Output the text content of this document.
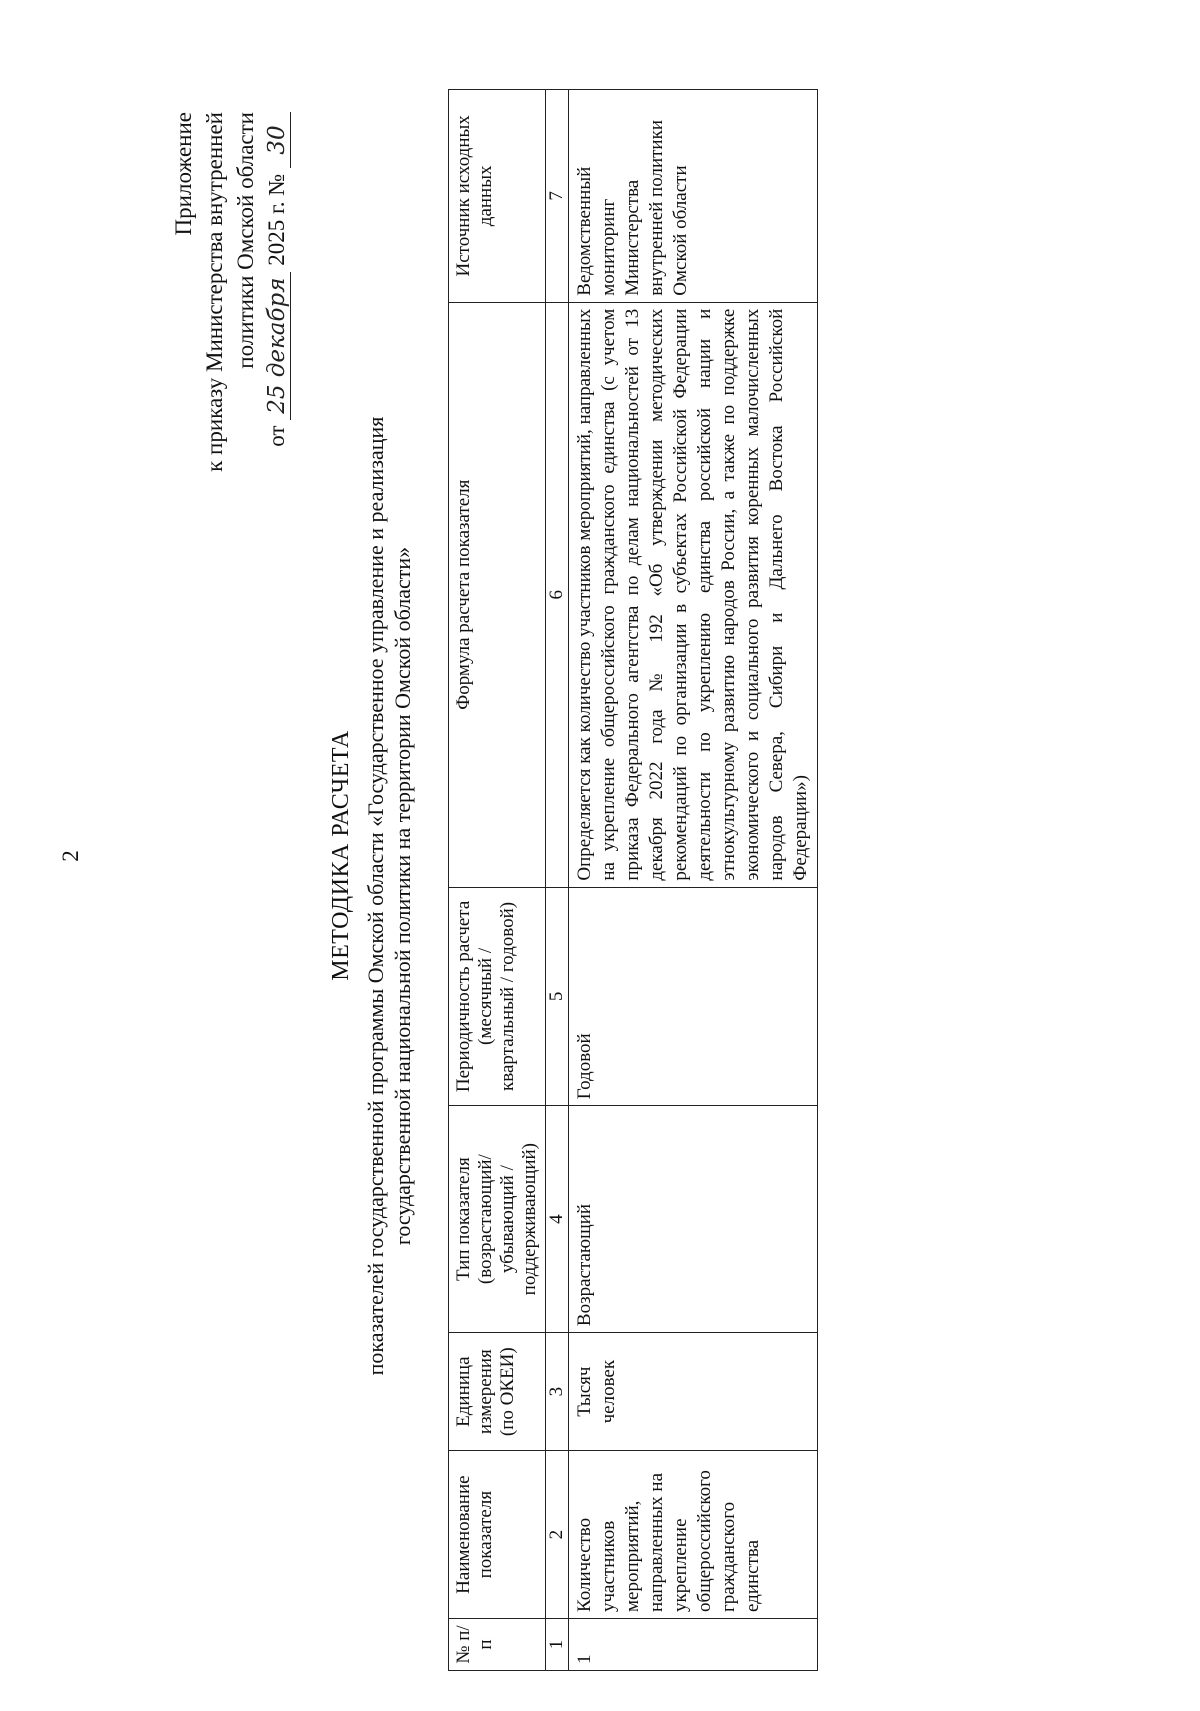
2
Приложение к приказу Министерства внутренней политики Омской области
от 25 декабря 2025 г. № 30
МЕТОДИКА РАСЧЕТА показателей государственной программы Омской области «Государственное управление и реализация государственной национальной политики на территории Омской области»
№ п/п	Наименование показателя	Единица измерения (по ОКЕИ)	Тип показателя (возрастающий/ убывающий / поддерживающий)	Периодичность расчета (месячный / квартальный / годовой)	Формула расчета показателя	Источник исходных данных
1	2	3	4	5	6	7
1	Количество участников мероприятий, направленных на укрепление общероссийского гражданского единства	Тысяч человек	Возрастающий	Годовой	Определяется как количество участников мероприятий, направленных на укрепление общероссийского гражданского единства (с учетом приказа Федерального агентства по делам национальностей от 13 декабря 2022 года № 192 «Об утверждении методических рекомендаций по организации в субъектах Российской Федерации деятельности по укреплению единства российской нации и этнокультурному развитию народов России, а также по поддержке экономического и социального развития коренных малочисленных народов Севера, Сибири и Дальнего Востока Российской Федерации»)	Ведомственный мониторинг Министерства внутренней политики Омской области
